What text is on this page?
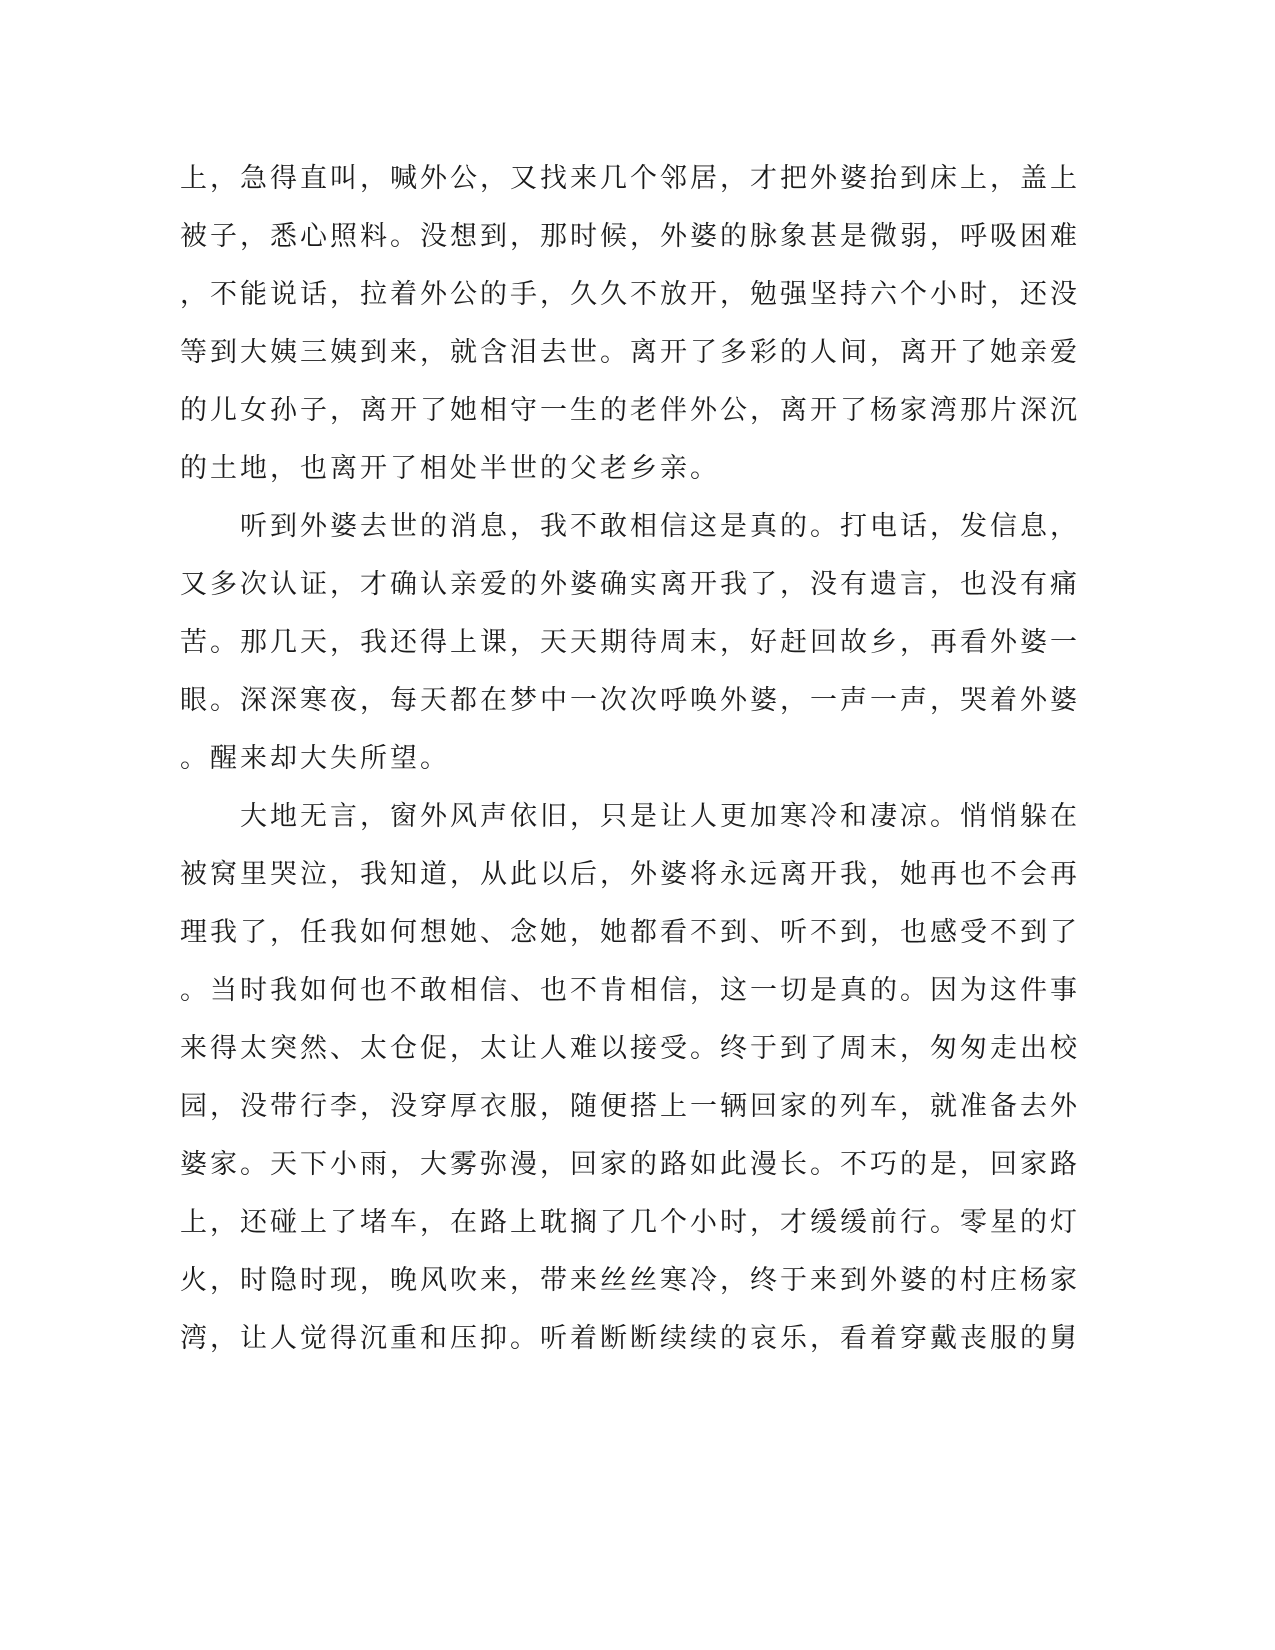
上，急得直叫，喊外公，又找来几个邻居，才把外婆抬到床上，盖上
被子，悉心照料。没想到，那时候，外婆的脉象甚是微弱，呼吸困难
，不能说话，拉着外公的手，久久不放开，勉强坚持六个小时，还没
等到大姨三姨到来，就含泪去世。离开了多彩的人间，离开了她亲爱
的儿女孙子，离开了她相守一生的老伴外公，离开了杨家湾那片深沉
的土地，也离开了相处半世的父老乡亲。
　　听到外婆去世的消息，我不敢相信这是真的。打电话，发信息，
又多次认证，才确认亲爱的外婆确实离开我了，没有遗言，也没有痛
苦。那几天，我还得上课，天天期待周末，好赶回故乡，再看外婆一
眼。深深寒夜，每天都在梦中一次次呼唤外婆，一声一声，哭着外婆
。醒来却大失所望。
　　大地无言，窗外风声依旧，只是让人更加寒冷和凄凉。悄悄躲在
被窝里哭泣，我知道，从此以后，外婆将永远离开我，她再也不会再
理我了，任我如何想她、念她，她都看不到、听不到，也感受不到了
。当时我如何也不敢相信、也不肯相信，这一切是真的。因为这件事
来得太突然、太仓促，太让人难以接受。终于到了周末，匆匆走出校
园，没带行李，没穿厚衣服，随便搭上一辆回家的列车，就准备去外
婆家。天下小雨，大雾弥漫，回家的路如此漫长。不巧的是，回家路
上，还碰上了堵车，在路上耽搁了几个小时，才缓缓前行。零星的灯
火，时隐时现，晚风吹来，带来丝丝寒冷，终于来到外婆的村庄杨家
湾，让人觉得沉重和压抑。听着断断续续的哀乐，看着穿戴丧服的舅
